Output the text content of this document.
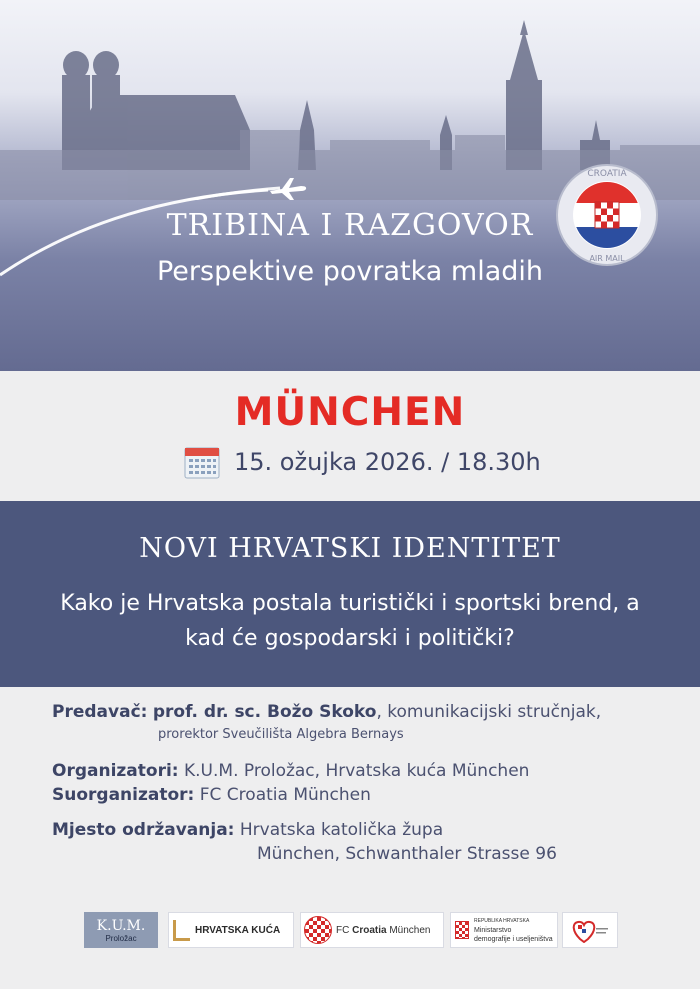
TRIBINA I RAZGOVOR
Perspektive povratka mladih
CROATIA
AIR MAIL
MÜNCHEN
15. ožujka 2026. / 18.30h
NOVI HRVATSKI IDENTITET
Kako je Hrvatska postala turistički i sportski brend, a kad će gospodarski i politički?
Predavač: prof. dr. sc. Božo Skoko, komunikacijski stručnjak,
prorektor Sveučilišta Algebra Bernays
Organizatori: K.U.M. Proložac, Hrvatska kuća München
Suorganizator: FC Croatia München
Mjesto održavanja: Hrvatska katolička župa
München, Schwanthaler Strasse 96
K.U.M.
Proložac
HRVATSKA KUĆA	FC Croatia München
REPUBLIKA HRVATSKA
Ministarstvo
demografije i useljeništva
